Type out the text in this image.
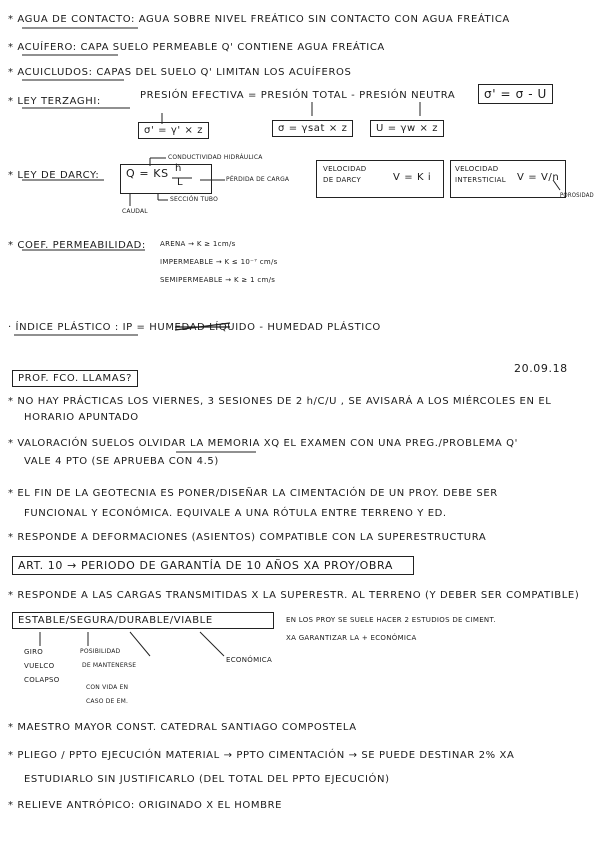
* AGUA DE CONTACTO: AGUA SOBRE NIVEL FREÁTICO SIN CONTACTO CON AGUA FREÁTICA
* ACUÍFERO: CAPA SUELO PERMEABLE Q' CONTIENE AGUA FREÁTICA
* ACUICLUDOS: CAPAS DEL SUELO Q' LIMITAN LOS ACUÍFEROS
* LEY TERZAGHI:
PRESIÓN EFECTIVA = PRESIÓN TOTAL - PRESIÓN NEUTRA	σ' = σ - U
σ' = γ' × z	σ = γsat × z	U = γw × z
* LEY DE DARCY:	Q = KS h
L
CONDUCTIVIDAD HIDRÁULICA
PÉRDIDA DE CARGA
CAUDAL
SECCIÓN TUBO
VELOCIDAD DE DARCY	V = K i
VELOCIDAD INTERSTICIAL	V = V/n
POROSIDAD
* COEF. PERMEABILIDAD: ARENA → K ≥ 1cm/s
IMPERMEABLE → K ≤ 10⁻⁷ cm/s
SEMIPERMEABLE → K ≥ 1 cm/s
· ÍNDICE PLÁSTICO : IP = HUMEDAD LÍQUIDO - HUMEDAD PLÁSTICO
20.09.18
PROF. FCO. LLAMAS?
* NO HAY PRÁCTICAS LOS VIERNES, 3 SESIONES DE 2 h/C/U , SE AVISARÁ A LOS MIÉRCOLES EN EL
HORARIO APUNTADO
* VALORACIÓN SUELOS OLVIDAR LA MEMORIA XQ EL EXAMEN CON UNA PREG./PROBLEMA Q'
VALE 4 PTO (SE APRUEBA CON 4.5)
* EL FIN DE LA GEOTECNIA ES PONER/DISEÑAR LA CIMENTACIÓN DE UN PROY. DEBE SER
FUNCIONAL Y ECONÓMICA. EQUIVALE A UNA RÓTULA ENTRE TERRENO Y ED.
* RESPONDE A DEFORMACIONES (ASIENTOS) COMPATIBLE CON LA SUPERESTRUCTURA
ART. 10 → PERIODO DE GARANTÍA DE 10 AÑOS XA PROY/OBRA
* RESPONDE A LAS CARGAS TRANSMITIDAS X LA SUPERESTR. AL TERRENO (Y DEBER SER COMPATIBLE)
ESTABLE/SEGURA/DURABLE/VIABLE	EN LOS PROY SE SUELE HACER 2 ESTUDIOS DE CIMENT.
XA GARANTIZAR LA + ECONÓMICA
GIRO
VUELCO
COLAPSO
POSIBILIDAD
DE MANTENERSE
CON VIDA EN
CASO DE EM.
ECONÓMICA
* MAESTRO MAYOR CONST. CATEDRAL SANTIAGO COMPOSTELA
* PLIEGO / PPTO EJECUCIÓN MATERIAL → PPTO CIMENTACIÓN → SE PUEDE DESTINAR 2% XA
ESTUDIARLO SIN JUSTIFICARLO (DEL TOTAL DEL PPTO EJECUCIÓN)
* RELIEVE ANTRÓPICO: ORIGINADO X EL HOMBRE
